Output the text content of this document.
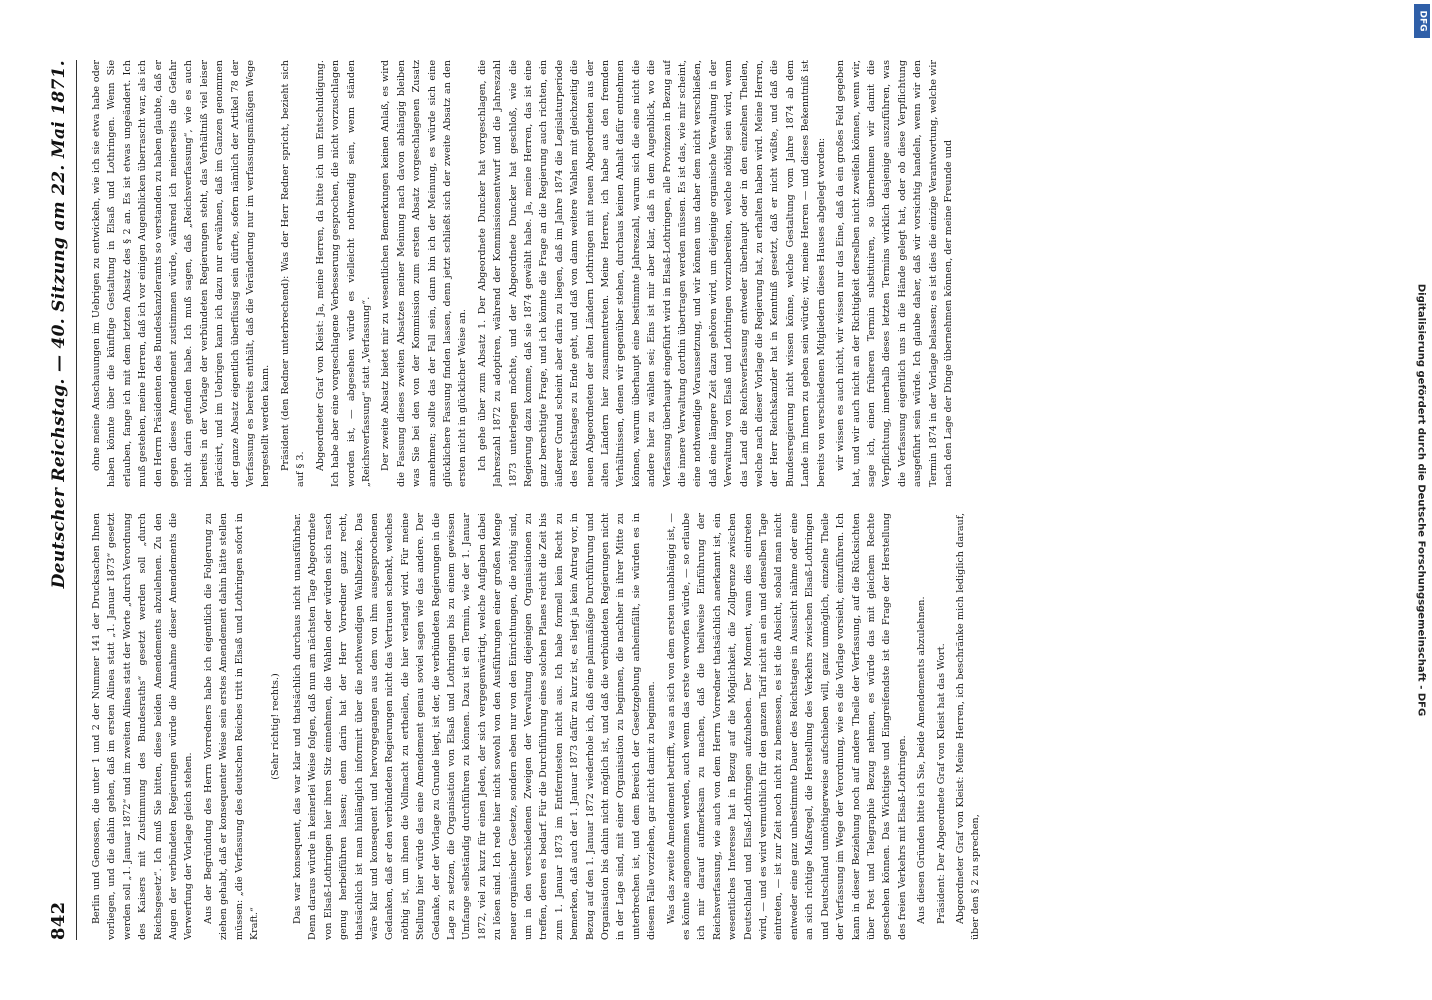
842
Deutscher Reichstag. — 40. Sitzung am 22. Mai 1871.

Berlin und Genossen, die unter 1 und 2 der Nummer 141 der Drucksachen Ihnen vorliegen, und die dahin gehen, daß im ersten Alinea statt „1. Januar 1873“ gesetzt werden soll „1. Januar 1872“ und im zweiten Alinea statt der Worte „durch Verordnung des Kaisers mit Zustimmung des Bundesraths“ gesetzt werden soll „durch Reichsgesetz“. Ich muß Sie bitten, diese beiden Amendements abzulehnen. Zu den Augen der verbündeten Regierungen würde die Annahme dieser Amendements die Verwerfung der Vorlage gleich stehen. Aus der Begründung des Herrn Vorredners habe ich eigentlich die Folgerung zu ziehen gehabt, daß er konsequenter Weise sein erstes Amendement dahin hätte stellen müssen: „die Verfassung des deutschen Reiches tritt in Elsaß und Lothringen sofort in Kraft.“

(Sehr richtig! rechts.) Das war konsequent, das war klar und thatsächlich durchaus nicht unausführbar. Denn daraus würde in keinerlei Weise folgen, daß nun am nächsten Tage Abgeordnete von Elsaß-Lothringen hier ihren Sitz einnehmen, die Wahlen oder würden sich rasch genug herbeiführen lassen; denn darin hat der Herr Vorredner ganz recht, thatsächlich ist man hinlänglich informirt über die nothwendigen Wahlbezirke. Das wäre klar und konsequent und hervorgegangen aus dem von ihm ausgesprochenen Gedanken, daß er den verbündeten Regierungen nicht das Vertrauen schenkt, welches nöthig ist, um ihnen die Vollmacht zu ertheilen, die hier verlangt wird. Für meine Stellung hier würde das eine Amendement genau soviel sagen wie das andere. Der Gedanke, der der Vorlage zu Grunde liegt, ist der, die verbündeten Regierungen in die Lage zu setzen, die Organisation von Elsaß und Lothringen bis zu einem gewissen Umfange selbständig durchführen zu können. Dazu ist ein Termin, wie der 1. Januar 1872, viel zu kurz für einen Jeden, der sich vergegenwärtigt, welche Aufgaben dabei zu lösen sind. Ich rede hier nicht sowohl von den Ausführungen einer großen Menge neuer organischer Gesetze, sondern eben nur von den Einrichtungen, die nöthig sind, um in den verschiedenen Zweigen der Verwaltung diejenigen Organisationen zu treffen, deren es bedarf. Für die Durchführung eines solchen Planes reicht die Zeit bis zum 1. Januar 1873 im Entferntesten nicht aus. Ich habe formell kein Recht zu bemerken, daß auch der 1. Januar 1873 dafür zu kurz ist, es liegt ja kein Antrag vor, in Bezug auf den 1. Januar 1872 wiederhole ich, daß eine planmäßige Durchführung und Organisation bis dahin nicht möglich ist, und daß die verbündeten Regierungen nicht in der Lage sind, mit einer Organisation zu beginnen, die nachher in ihrer Mitte zu unterbrechen ist, und dem Bereich der Gesetzgebung anheimfällt, sie würden es in diesem Falle vorziehen, gar nicht damit zu beginnen. Was das zweite Amendement betrifft, was an sich von dem ersten unabhängig ist, — es könnte angenommen werden, auch wenn das erste verworfen würde, — so erlaube ich mir darauf aufmerksam zu machen, daß die theilweise Einführung der Reichsverfassung, wie auch von dem Herrn Vorredner thatsächlich anerkannt ist, ein wesentliches Interesse hat in Bezug auf die Möglichkeit, die Zollgrenze zwischen Deutschland und Elsaß-Lothringen aufzuheben. Der Moment, wann dies eintreten wird, — und es wird vermuthlich für den ganzen Tarif nicht an ein und denselben Tage eintreten, — ist zur Zeit noch nicht zu bemessen, es ist die Absicht, sobald man nicht entweder eine ganz unbestimmte Dauer des Reichstages in Aussicht nähme oder eine an sich richtige Maßregel, die Herstellung des Verkehrs zwischen Elsaß-Lothringen und Deutschland unnöthigerweise aufschieben will, ganz unmöglich, einzelne Theile der Verfassung im Wege der Verordnung, wie es die Vorlage vorsieht, einzuführen. Ich kann in dieser Beziehung noch auf andere Theile der Verfassung, auf die Rücksichten über Post und Telegraphie Bezug nehmen, es würde das mit gleichem Rechte geschehen können. Das Wichtigste und Eingreifendste ist die Frage der Herstellung des freien Verkehrs mit Elsaß-Lothringen. Aus diesen Gründen bitte ich Sie, beide Amendements abzulehnen. Präsident: Der Abgeordnete Graf von Kleist hat das Wort. Abgeordneter Graf von Kleist: Meine Herren, ich beschränke mich lediglich darauf, über den § 2 zu sprechen,

ohne meine Anschauungen im Uebrigen zu entwickeln, wie ich sie etwa habe oder haben könnte über die künftige Gestaltung in Elsaß und Lothringen. Wenn Sie erlauben, fange ich mit dem letzten Absatz des § 2 an. Es ist etwas ungeändert. Ich muß gestehen, meine Herren, daß ich vor einigen Augenblicken überrascht war, als ich den Herrn Präsidenten des Bundeskanzleramts so verstanden zu haben glaubte, daß er gegen dieses Amendement zustimmen würde, während ich meinerseits die Gefahr nicht darin gefunden habe. Ich muß sagen, daß „Reichsverfassung“, wie es auch bereits in der Vorlage der verbündeten Regierungen steht, das Verhältniß viel leiser präcisirt, und im Uebrigen kann ich dazu nur erwähnen, daß im Ganzen genommen der ganze Absatz eigentlich überflüssig sein dürfte, sofern nämlich der Artikel 78 der Verfassung es bereits enthält, daß die Veränderung nur im verfassungsmäßigen Wege hergestellt werden kann. Präsident (den Redner unterbrechend): Was der Herr Redner spricht, bezieht sich auf § 3. Abgeordneter Graf von Kleist: Ja, meine Herren, da bitte ich um Entschuldigung. Ich habe aber eine vorgeschlagene Verbesserung gesprochen, die nicht vorzuschlagen worden ist, — abgesehen würde es vielleicht nothwendig sein, wenn ständen „Reichsverfassung“ statt „Verfassung“. Der zweite Absatz bietet mir zu wesentlichen Bemerkungen keinen Anlaß, es wird die Fassung dieses zweiten Absatzes meiner Meinung nach davon abhängig bleiben was Sie bei den von der Kommission zum ersten Absatz vorgeschlagenen Zusatz annehmen; sollte das der Fall sein, dann bin ich der Meinung, es würde sich eine glücklichere Fassung finden lassen, denn jetzt schließt sich der zweite Absatz an den ersten nicht in glücklicher Weise an. Ich gehe über zum Absatz 1. Der Abgeordnete Duncker hat vorgeschlagen, die Jahreszahl 1872 zu adoptiren, während der Kommissionsentwurf und die Jahreszahl 1873 unterlegen möchte, und der Abgeordnete Duncker hat geschloß, wie die Regierung dazu komme, daß sie 1874 gewählt habe. Ja, meine Herren, das ist eine ganz berechtigte Frage, und ich könnte die Frage an die Regierung auch richten, ein äußerer Grund scheint aber darin zu liegen, daß im Jahre 1874 die Legislaturperiode des Reichstages zu Ende geht, und daß von dann weitere Wahlen mit gleichzeitig die neuen Abgeordneten der alten Ländern Lothringen mit neuen Abgeordneten aus der alten Ländern hier zusammentreten. Meine Herren, ich habe aus den fremden Verhältnissen, denen wir gegenüber stehen, durchaus keinen Anhalt dafür entnehmen können, warum überhaupt eine bestimmte Jahreszahl, warum sich die eine nicht die andere hier zu wählen sei; Eins ist mir aber klar, daß in dem Augenblick, wo die Verfassung überhaupt eingeführt wird in Elsaß-Lothringen, alle Provinzen in Bezug auf die innere Verwaltung dorthin übertragen werden müssen. Es ist das, wie mir scheint, eine nothwendige Voraussetzung, und wir können uns daher dem nicht verschließen, daß eine längere Zeit dazu gehören wird, um diejenige organische Verwaltung in der Verwaltung von Elsaß und Lothringen vorzubereiten, welche nöthig sein wird, wenn das Land die Reichsverfassung entweder überhaupt oder in den einzelnen Theilen, welche nach dieser Vorlage die Regierung hat, zu erhalten haben wird. Meine Herren, der Herr Reichskanzler hat in Kenntniß gesetzt, daß er nicht wüßte, und daß die Bundesregierung nicht wissen könne, welche Gestaltung vom Jahre 1874 ab dem Lande im Innern zu geben sein würde; wir, meine Herren — und dieses Bekenntniß ist bereits von verschiedenen Mitgliedern dieses Hauses abgelegt worden: wir wissen es auch nicht, wir wissen nur das Eine, daß da ein großes Feld gegeben hat, und wir auch nicht an der Richtigkeit derselben nicht zweifeln können, wenn wir, sage ich, einen früheren Termin substituiren, so übernehmen wir damit die Verpflichtung, innerhalb dieses letzten Termins wirklich dasjenige auszuführen, was die Verfassung eigentlich uns in die Hände gelegt hat, oder ob diese Verpflichtung ausgeführt sein würde. Ich glaube daher, daß wir vorsichtig handeln, wenn wir den Termin 1874 in der Vorlage belassen; es ist dies die einzige Verantwortung, welche wir nach den Lage der Dinge übernehmen können, der meine Freunde und

DFG
Digitalisierung gefördert durch die Deutsche Forschungsgemeinschaft - DFG
